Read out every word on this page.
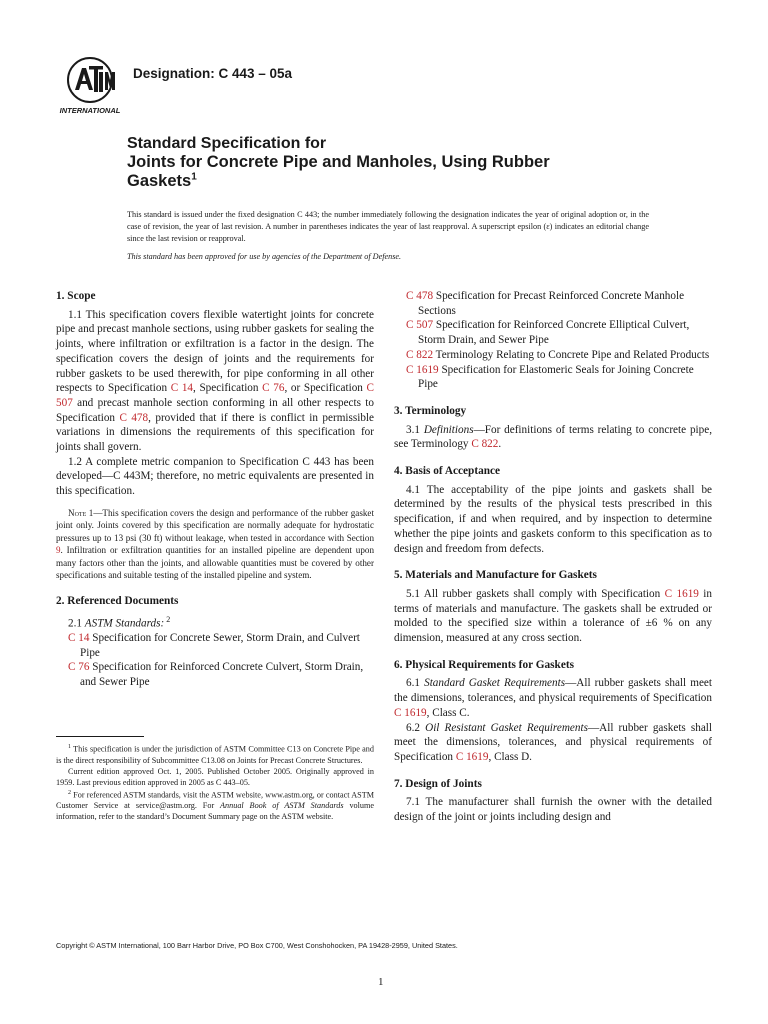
INTERNATIONAL
Designation: C 443 – 05a
Standard Specification for
Joints for Concrete Pipe and Manholes, Using Rubber
Gaskets$^1$
This standard is issued under the fixed designation C 443; the number immediately following the designation indicates the year of original adoption or, in the case of revision, the year of last revision. A number in parentheses indicates the year of last reapproval. A superscript epsilon (ε) indicates an editorial change since the last revision or reapproval.
This standard has been approved for use by agencies of the Department of Defense.
1. Scope
1.1 This specification covers flexible watertight joints for concrete pipe and precast manhole sections, using rubber gaskets for sealing the joints, where infiltration or exfiltration is a factor in the design. The specification covers the design of joints and the requirements for rubber gaskets to be used therewith, for pipe conforming in all other respects to Specification C 14, Specification C 76, or Specification C 507 and precast manhole section conforming in all other respects to Specification C 478, provided that if there is conflict in permissible variations in dimensions the requirements of this specification for joints shall govern.
1.2 A complete metric companion to Specification C 443 has been developed—C 443M; therefore, no metric equivalents are presented in this specification.
Note 1—This specification covers the design and performance of the rubber gasket joint only. Joints covered by this specification are normally adequate for hydrostatic pressures up to 13 psi (30 ft) without leakage, when tested in accordance with Section 9. Infiltration or exfiltration quantities for an installed pipeline are dependent upon many factors other than the joints, and allowable quantities must be covered by other specifications and suitable testing of the installed pipeline and system.
2. Referenced Documents
2.1 ASTM Standards: $^2$
C 14 Specification for Concrete Sewer, Storm Drain, and Culvert Pipe
C 76 Specification for Reinforced Concrete Culvert, Storm Drain, and Sewer Pipe

$^1$ This specification is under the jurisdiction of ASTM Committee C13 on Concrete Pipe and is the direct responsibility of Subcommittee C13.08 on Joints for Precast Concrete Structures.

Current edition approved Oct. 1, 2005. Published October 2005. Originally approved in 1959. Last previous edition approved in 2005 as C 443–05.

$^2$ For referenced ASTM standards, visit the ASTM website, www.astm.org, or contact ASTM Customer Service at service@astm.org. For Annual Book of ASTM Standards volume information, refer to the standard’s Document Summary page on the ASTM website.

C 478 Specification for Precast Reinforced Concrete Manhole Sections
C 507 Specification for Reinforced Concrete Elliptical Culvert, Storm Drain, and Sewer Pipe
C 822 Terminology Relating to Concrete Pipe and Related Products
C 1619 Specification for Elastomeric Seals for Joining Concrete Pipe
3. Terminology
3.1 Definitions—For definitions of terms relating to concrete pipe, see Terminology C 822.
4. Basis of Acceptance
4.1 The acceptability of the pipe joints and gaskets shall be determined by the results of the physical tests prescribed in this specification, if and when required, and by inspection to determine whether the pipe joints and gaskets conform to this specification as to design and freedom from defects.
5. Materials and Manufacture for Gaskets
5.1 All rubber gaskets shall comply with Specification C 1619 in terms of materials and manufacture. The gaskets shall be extruded or molded to the specified size within a tolerance of ±6 % on any dimension, measured at any cross section.
6. Physical Requirements for Gaskets
6.1 Standard Gasket Requirements—All rubber gaskets shall meet the dimensions, tolerances, and physical requirements of Specification C 1619, Class C.
6.2 Oil Resistant Gasket Requirements—All rubber gaskets shall meet the dimensions, tolerances, and physical requirements of Specification C 1619, Class D.
7. Design of Joints
7.1 The manufacturer shall furnish the owner with the detailed design of the joint or joints including design and
Copyright © ASTM International, 100 Barr Harbor Drive, PO Box C700, West Conshohocken, PA 19428-2959, United States.
1
